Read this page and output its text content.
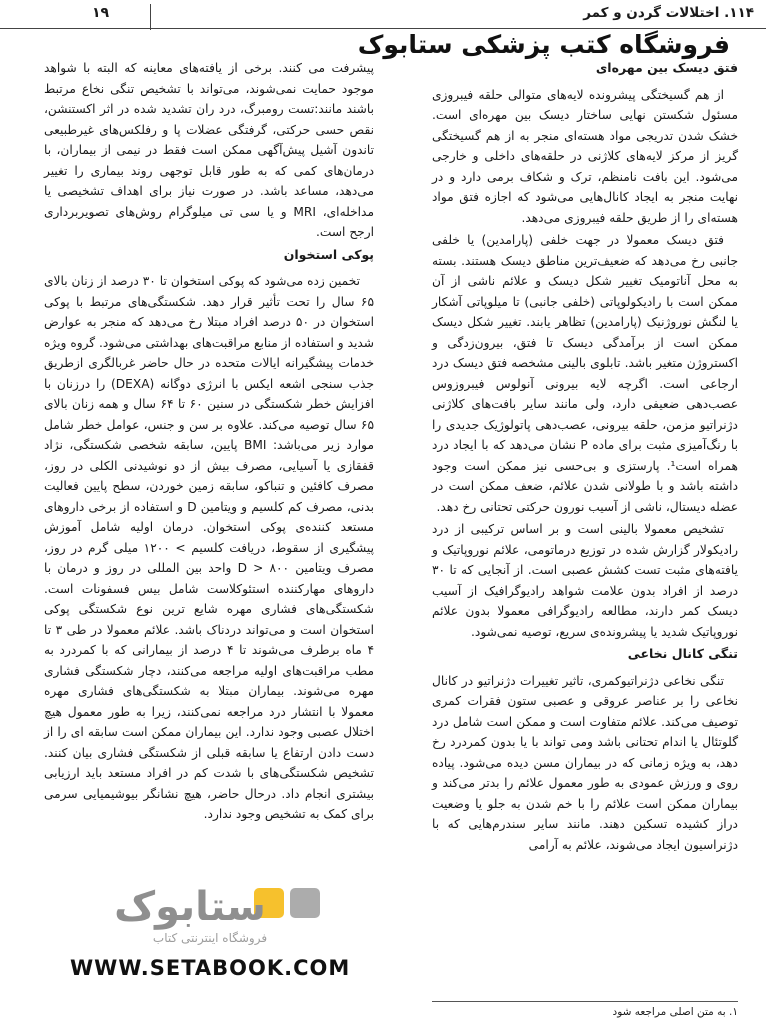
۱۱۴. اختلالات گردن و کمر
۱۹
فروشگاه کتب پزشکی ستابوک
فتق دیسک بین مهره‌ای

از هم گسیختگی پیشرونده لایه‌های متوالی حلقه فیبروزی مسئول شکستن نهایی ساختار دیسک بین مهره‌ای است. خشک شدن تدریجی مواد هسته‌ای منجر به از هم گسیختگی گریز از مرکز لایه‌های کلاژنی در حلقه‌های داخلی و خارجی می‌شود. این بافت نامنظم، ترک و شکاف برمی دارد و در نهایت منجر به ایجاد کانال‌هایی می‌شود که اجازه فتق مواد هسته‌ای را از طریق حلقه فیبروزی می‌دهد.

فتق دیسک معمولا در جهت خلفی (پارامدین) یا خلفی جانبی رخ می‌دهد که ضعیف‌ترین مناطق دیسک هستند. بسته به محل آناتومیک تغییر شکل دیسک و علائم ناشی از آن ممکن است با رادیکولوپاتی (خلفی جانبی) تا میلوپاتی آشکار یا لنگش نوروژنیک (پارامدین) تظاهر یابند. تغییر شکل دیسک ممکن است از برآمدگی دیسک تا فتق، بیرون‌زدگی و اکستروژن متغیر باشد. تابلوی بالینی مشخصه فتق دیسک درد ارجاعی است. اگرچه لایه بیرونی آنولوس فیبروزوس عصب‌دهی ضعیفی دارد، ولی مانند سایر بافت‌های کلاژنی دژنراتیو مزمن، حلقه بیرونی، عصب‌دهی پاتولوژیک جدیدی را با رنگ‌آمیزی مثبت برای ماده P نشان می‌دهد که با ایجاد درد همراه است¹. پارستزی و بی‌حسی نیز ممکن است وجود داشته باشد و با طولانی شدن علائم، ضعف ممکن است در عضله دیستال، ناشی از آسیب نورون حرکتی تحتانی رخ دهد.

تشخیص معمولا بالینی است و بر اساس ترکیبی از درد رادیکولار گزارش شده در توزیع درماتومی، علائم نوروپاتیک و یافته‌های مثبت تست کشش عصبی است. از آنجایی که تا ۳۰ درصد از افراد بدون علامت شواهد رادیوگرافیک از آسیب دیسک کمر دارند، مطالعه رادیوگرافی معمولا بدون علائم نوروپاتیک شدید یا پیشرونده‌ی سریع، توصیه نمی‌شود.

تنگی کانال نخاعی

تنگی نخاعی دژنراتیوکمری، تاثیر تغییرات دژنراتیو در کانال نخاعی را بر عناصر عروقی و عصبی ستون فقرات کمری توصیف می‌کند. علائم متفاوت است و ممکن است شامل درد گلوتئال یا اندام تحتانی باشد ومی تواند با یا بدون کمردرد رخ دهد، به ویژه زمانی که در بیماران مسن دیده می‌شود. پیاده روی و ورزش عمودی به طور معمول علائم را بدتر می‌کند و بیماران ممکن است علائم را با خم شدن به جلو یا وضعیت دراز کشیده تسکین دهند. مانند سایر سندرم‌هایی که با دژنراسیون ایجاد می‌شوند، علائم به آرامی

پیشرفت می کنند. برخی از یافته‌های معاینه که البته با شواهد موجود حمایت نمی‌شوند، می‌تواند با تشخیص تنگی نخاع مرتبط باشند مانند:تست رومبرگ، درد ران تشدید شده در اثر اکستنشن، نقص حسی حرکتی، گرفتگی عضلات پا و رفلکس‌های غیرطبیعی تاندون آشیل پیش‌آگهی ممکن است فقط در نیمی از بیماران، با درمان‌های کمی که به طور قابل توجهی روند بیماری را تغییر می‌دهد، مساعد باشد. در صورت نیاز برای اهداف تشخیصی یا مداخله‌ای، MRI و یا سی تی میلوگرام روش‌های تصویربرداری ارجح است.

پوکی استخوان

تخمین زده می‌شود که پوکی استخوان تا ۳۰ درصد از زنان بالای ۶۵ سال را تحت تأثیر قرار دهد. شکستگی‌های مرتبط با پوکی استخوان در ۵۰ درصد افراد مبتلا رخ می‌دهد که منجر به عوارض شدید و استفاده از منابع مراقبت‌های بهداشتی می‌شود. گروه ویژه خدمات پیشگیرانه ایالات متحده در حال حاضر غربالگری ازطریق جذب سنجی اشعه ایکس با انرژی دوگانه (DEXA) را درزنان با افزایش خطر شکستگی در سنین ۶۰ تا ۶۴ سال و همه زنان بالای ۶۵ سال توصیه می‌کند. علاوه بر سن و جنس، عوامل خطر شامل موارد زیر می‌باشد: BMI پایین، سابقه شخصی شکستگی، نژاد قفقازی یا آسیایی، مصرف بیش از دو نوشیدنی الکلی در روز، مصرف کافئین و تنباکو، سابقه زمین خوردن، سطح پایین فعالیت بدنی، مصرف کم کلسیم و ویتامین D و استفاده از برخی داروهای مستعد کننده‌ی پوکی استخوان. درمان اولیه شامل آموزش پیشگیری از سقوط، دریافت کلسیم > ۱۲۰۰ میلی گرم در روز، مصرف ویتامین D > ۸۰۰ واحد بین المللی در روز و درمان با داروهای مهارکننده استئوکلاست شامل بیس فسفونات است. شکستگی‌های فشاری مهره شایع ترین نوع شکستگی پوکی استخوان است و می‌تواند دردناک باشد. علائم معمولا در طی ۳ تا ۴ ماه برطرف می‌شوند تا ۴ درصد از بیمارانی که با کمردرد به مطب مراقبت‌های اولیه مراجعه می‌کنند، دچار شکستگی فشاری مهره می‌شوند. بیماران مبتلا به شکستگی‌های فشاری مهره معمولا با انتشار درد مراجعه نمی‌کنند، زیرا به طور معمول هیچ اختلال عصبی وجود ندارد. این بیماران ممکن است سابقه ای را از دست دادن ارتفاع یا سابقه قبلی از شکستگی فشاری بیان کنند. تشخیص شکستگی‌های با شدت کم در افراد مستعد باید ارزیابی بیشتری انجام داد. درحال حاضر، هیچ نشانگر بیوشیمیایی سرمی برای کمک به تشخیص وجود ندارد.

۱. به متن اصلی مراجعه شود
ستابوک
فروشگاه اینترنتی کتاب
WWW.SETABOOK.COM
